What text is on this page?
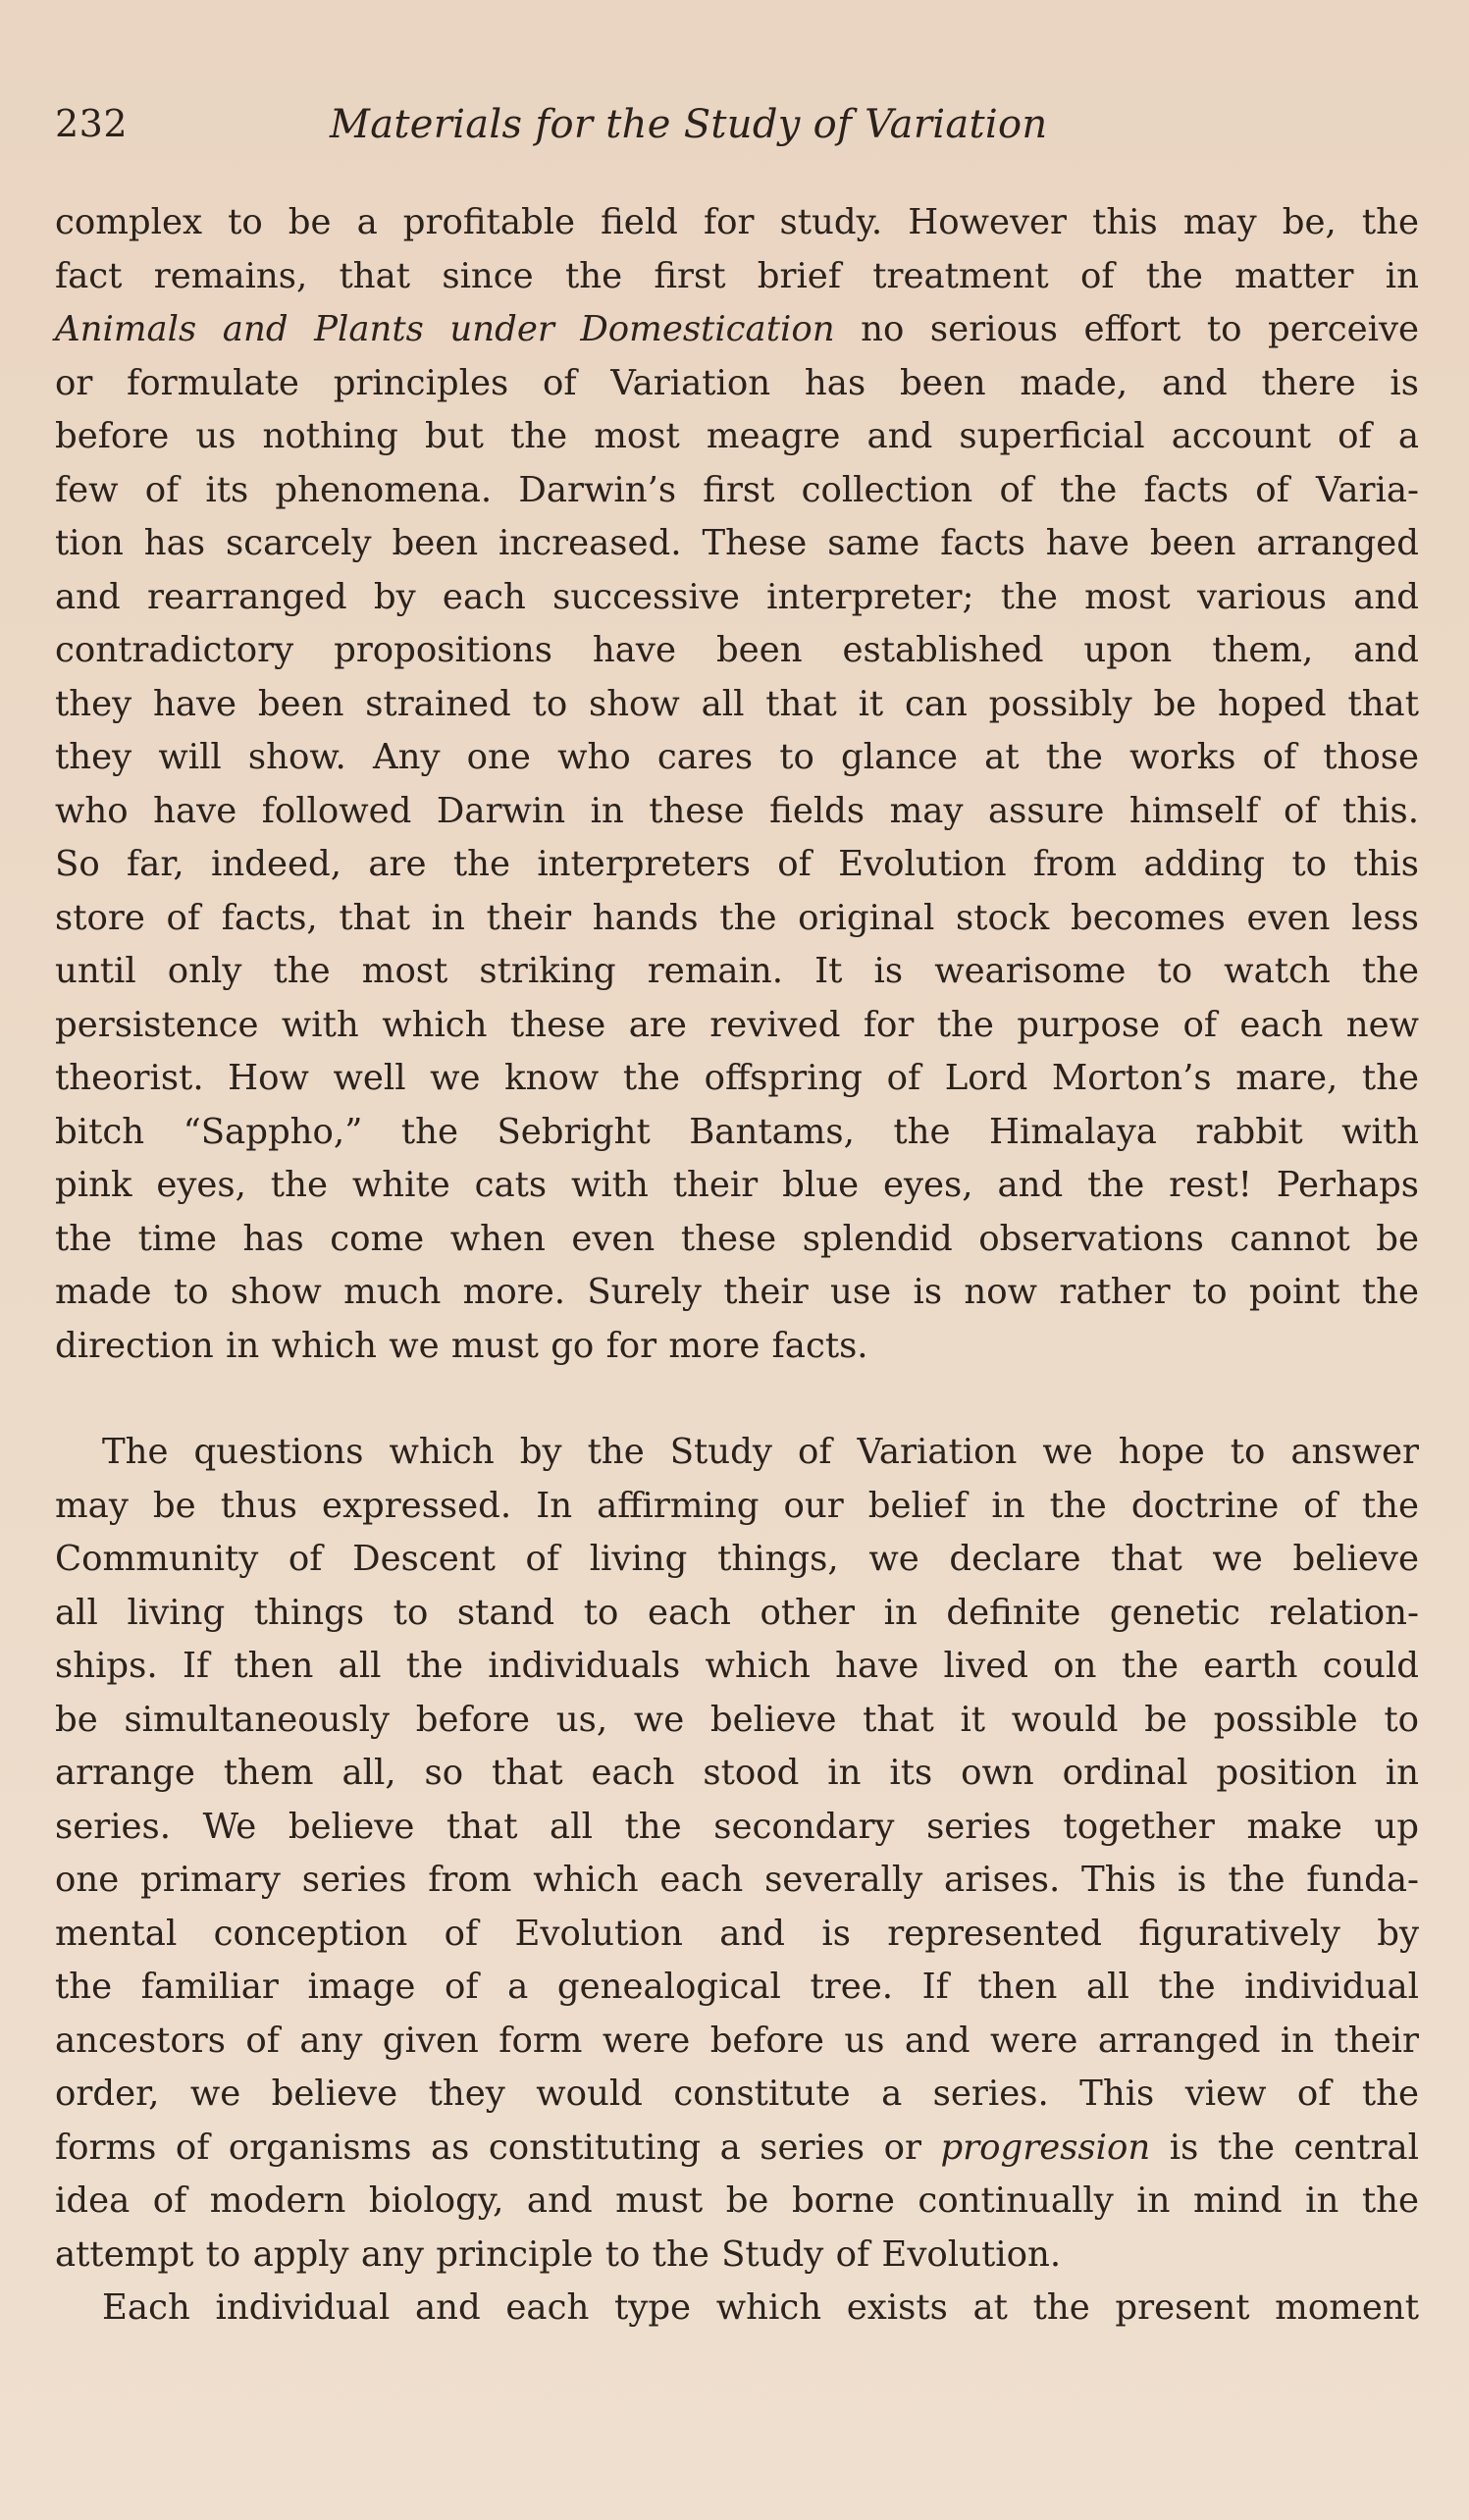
232	Materials for the Study of Variation
complex to be a profitable field for study. However this may be, the
fact remains, that since the first brief treatment of the matter in
Animals and Plants under Domestication no serious effort to perceive
or formulate principles of Variation has been made, and there is
before us nothing but the most meagre and superficial account of a
few of its phenomena. Darwin’s first collection of the facts of Varia-
tion has scarcely been increased. These same facts have been arranged
and rearranged by each successive interpreter; the most various and
contradictory propositions have been established upon them, and
they have been strained to show all that it can possibly be hoped that
they will show. Any one who cares to glance at the works of those
who have followed Darwin in these fields may assure himself of this.
So far, indeed, are the interpreters of Evolution from adding to this
store of facts, that in their hands the original stock becomes even less
until only the most striking remain. It is wearisome to watch the
persistence with which these are revived for the purpose of each new
theorist. How well we know the offspring of Lord Morton’s mare, the
bitch “Sappho,” the Sebright Bantams, the Himalaya rabbit with
pink eyes, the white cats with their blue eyes, and the rest! Perhaps
the time has come when even these splendid observations cannot be
made to show much more. Surely their use is now rather to point the
direction in which we must go for more facts.
The questions which by the Study of Variation we hope to answer
may be thus expressed. In affirming our belief in the doctrine of the
Community of Descent of living things, we declare that we believe
all living things to stand to each other in definite genetic relation-
ships. If then all the individuals which have lived on the earth could
be simultaneously before us, we believe that it would be possible to
arrange them all, so that each stood in its own ordinal position in
series. We believe that all the secondary series together make up
one primary series from which each severally arises. This is the funda-
mental conception of Evolution and is represented figuratively by
the familiar image of a genealogical tree. If then all the individual
ancestors of any given form were before us and were arranged in their
order, we believe they would constitute a series. This view of the
forms of organisms as constituting a series or progression is the central
idea of modern biology, and must be borne continually in mind in the
attempt to apply any principle to the Study of Evolution.
Each individual and each type which exists at the present moment
